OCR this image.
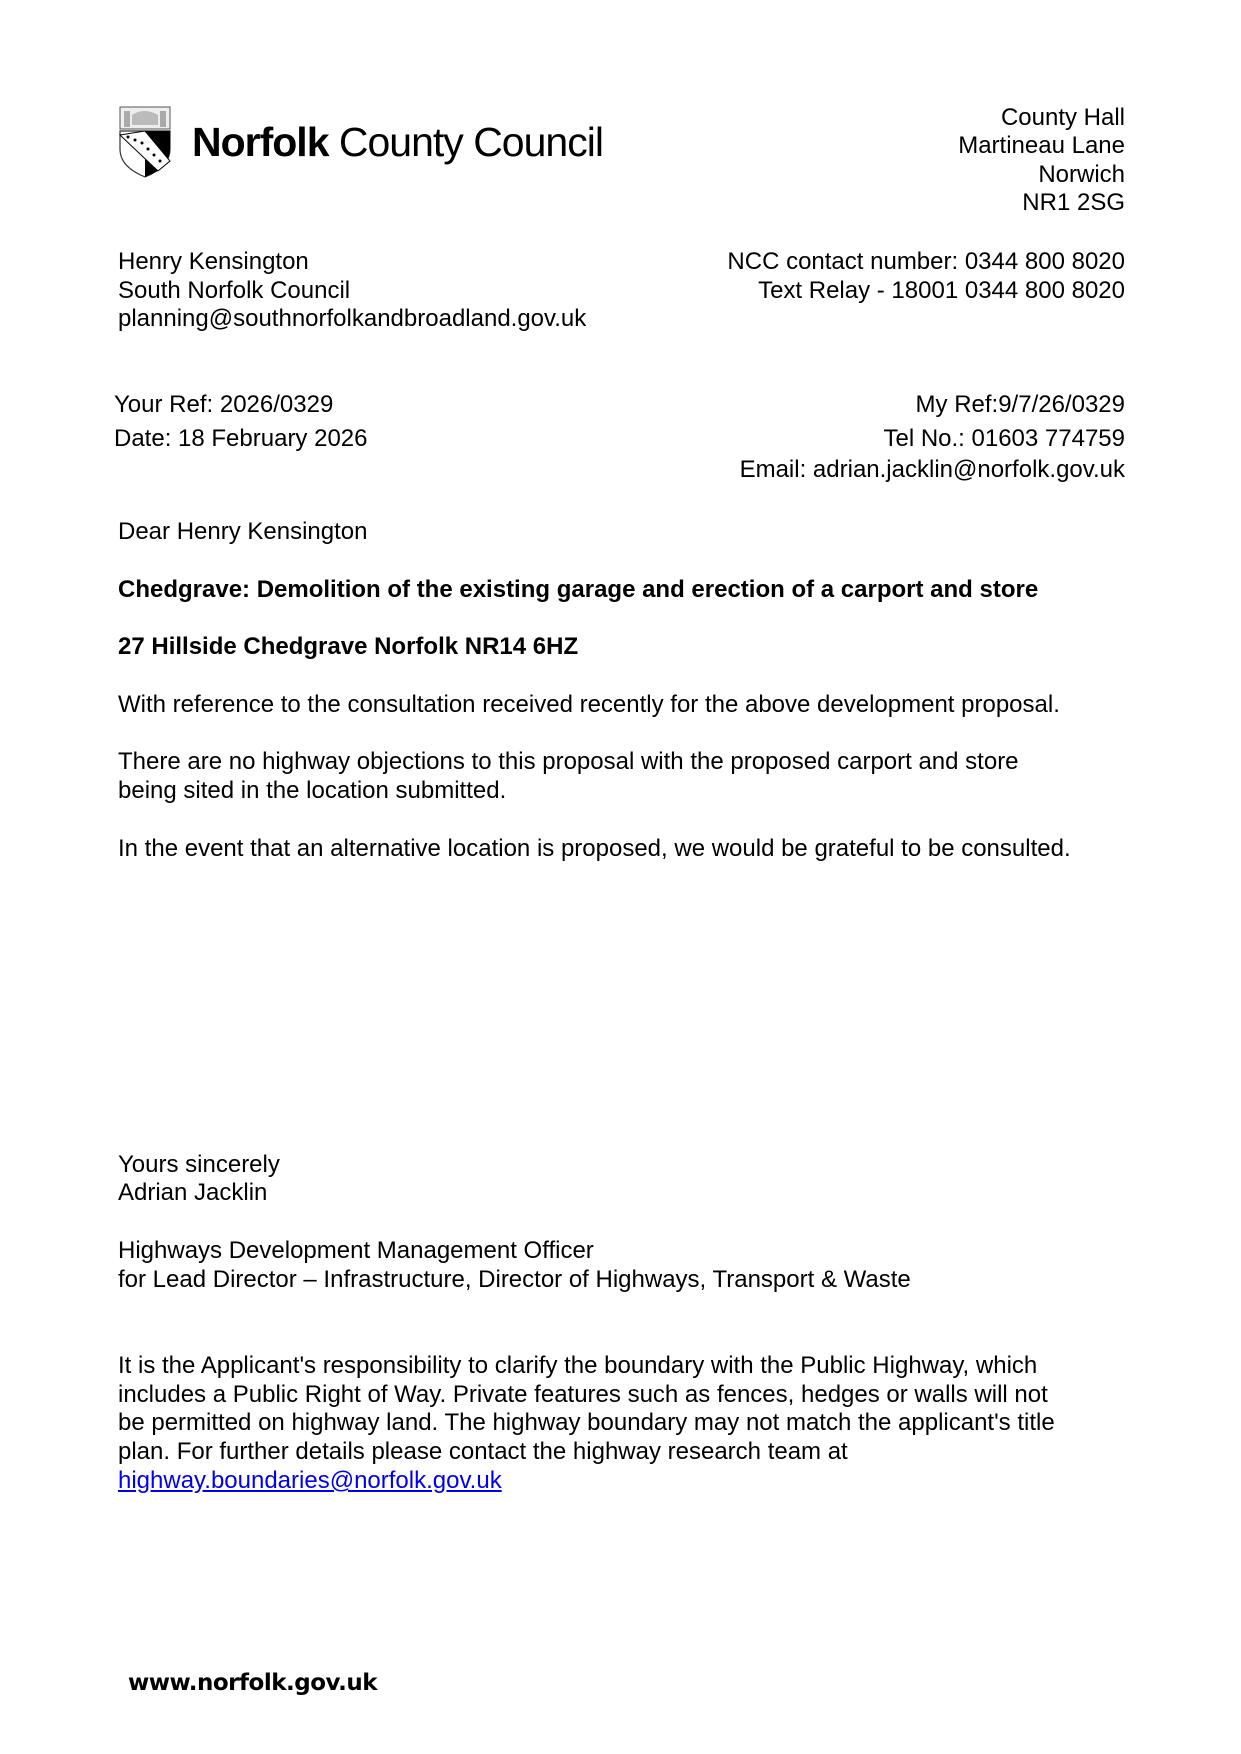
Norfolk County Council
County Hall
Martineau Lane
Norwich
NR1 2SG
Henry Kensington
South Norfolk Council
planning@southnorfolkandbroadland.gov.uk
NCC contact number: 0344 800 8020
Text Relay - 18001 0344 800 8020
Your Ref: 2026/0329
Date: 18 February 2026
My Ref:9/7/26/0329
Tel No.: 01603 774759
Email: adrian.jacklin@norfolk.gov.uk
Dear Henry Kensington
Chedgrave: Demolition of the existing garage and erection of a carport and store
27 Hillside Chedgrave Norfolk NR14 6HZ
With reference to the consultation received recently for the above development proposal.
There are no highway objections to this proposal with the proposed carport and store
being sited in the location submitted.
In the event that an alternative location is proposed, we would be grateful to be consulted.
Yours sincerely
Adrian Jacklin
Highways Development Management Officer
for Lead Director – Infrastructure, Director of Highways, Transport & Waste
It is the Applicant's responsibility to clarify the boundary with the Public Highway, which
includes a Public Right of Way. Private features such as fences, hedges or walls will not
be permitted on highway land. The highway boundary may not match the applicant's title
plan. For further details please contact the highway research team at
highway.boundaries@norfolk.gov.uk
www.norfolk.gov.uk
